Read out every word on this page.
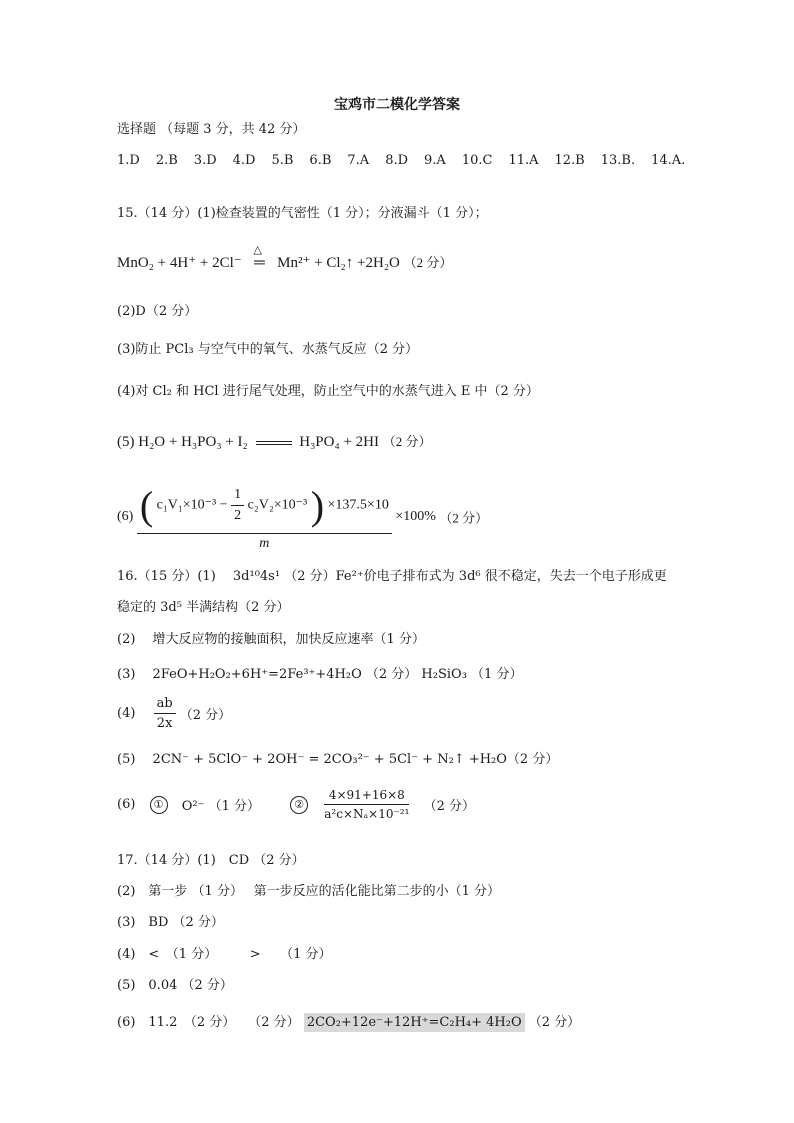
宝鸡市二模化学答案
选择题 （每题 3 分，共 42 分）
1.D 2.B 3.D 4.D 5.B 6.B 7.A 8.D 9.A 10.C 11.A 12.B 13.B. 14.A.
15.（14 分）(1)检查装置的气密性（1 分）；分液漏斗（1 分）；
MnO₂ + 4H⁺ + 2Cl⁻
△
═ Mn²⁺ + Cl₂↑ +2H₂O （2 分）
(2)D（2 分）
(3)防止 PCl₃ 与空气中的氧气、水蒸气反应（2 分）
(4)对 Cl₂ 和 HCl 进行尾气处理，防止空气中的水蒸气进入 E 中（2 分）
(5) H₂O + H₃PO₃ + I₂	H₃PO₄ + 2HI （2 分）
(6) ( $c_1V_1\times 10^{-3} - \frac{1}{2} c_2V_2\times 10^{-3}$ ) ×137.5×10
m
×100% （2 分）
16.（15 分）(1)　 3d¹⁰4s¹ （2 分）Fe²⁺价电子排布式为 3d⁶ 很不稳定，失去一个电子形成更
稳定的 3d⁵ 半满结构（2 分）
(2)　 增大反应物的接触面积，加快反应速率（1 分）
(3)　 2FeO+H₂O₂+6H⁺=2Fe³⁺+4H₂O （2 分） H₂SiO₃ （1 分）
$(4) \frac{ab}{2x} (2$ 分）
(5)　 2CN⁻ + 5ClO⁻ + 2OH⁻ = 2CO₃²⁻ + 5Cl⁻ + N₂↑ +H₂O（2 分）
(6) ① O²⁻ （1 分）	② $\frac{4\times 91+16\times 8}{\text{a²c×Nₐ×10⁻²¹}} (2$ 分）
17.（14 分）(1)　CD （2 分）
(2)　第一步 （1 分）　 第一步反应的活化能比第二步的小（1 分）
(3)　BD （2 分）
(4)　<　（1 分）　　　>　　（1 分）
(5)　0.04 （2 分）
(6)　11.2　（2 分）　　（2 分） 2CO₂+12e⁻+12H⁺=C₂H₄+ 4H₂O （2 分）
